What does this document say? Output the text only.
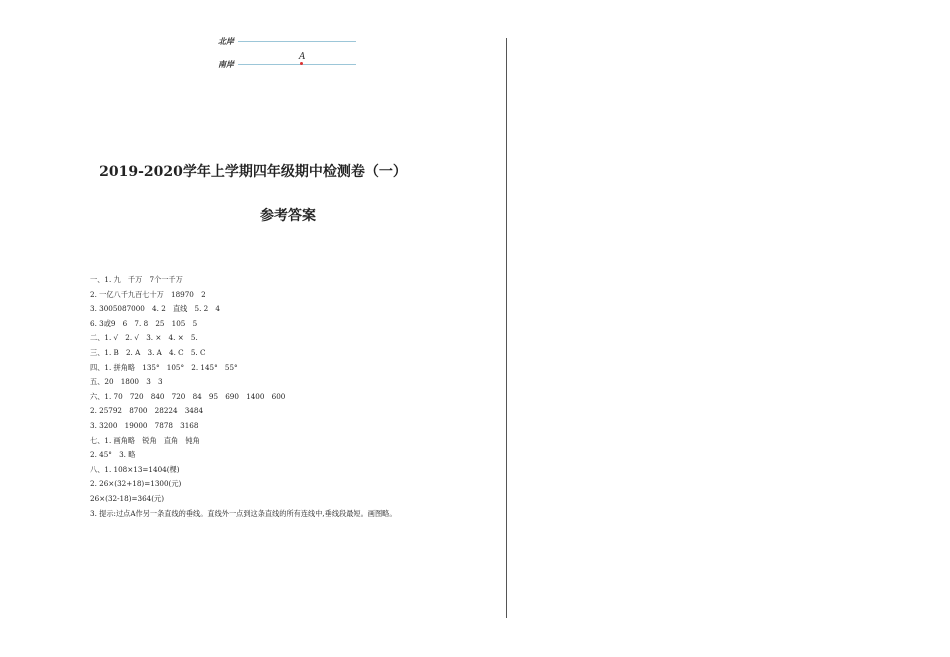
北岸
南岸
A
2019-2020学年上学期四年级期中检测卷（一）
参考答案
一、1. 九　千万　7个一千万
2. 一亿八千九百七十万　18970　2
3. 3005087000　4. 2　直线　5. 2　4
6. 3或9　6　7. 8　25　105　5
二、1. √　2. √　3. ×　4. ×　5.
三、1. B　2. A　3. A　4. C　5. C
四、1. 拼角略　135°　105°　2. 145°　55°
五、20　1800　3　3
六、1. 70　720　840　720　84　95　690　1400　600
2. 25792　8700　28224　3484
3. 3200　19000　7878　3168
七、1. 画角略　锐角　直角　钝角
2. 45°　3. 略
八、1. 108×13=1404(棵)
2. 26×(32+18)=1300(元)
26×(32-18)=364(元)
3. 提示:过点A作另一条直线的垂线。直线外一点到这条直线的所有连线中,垂线段最短。画图略。
